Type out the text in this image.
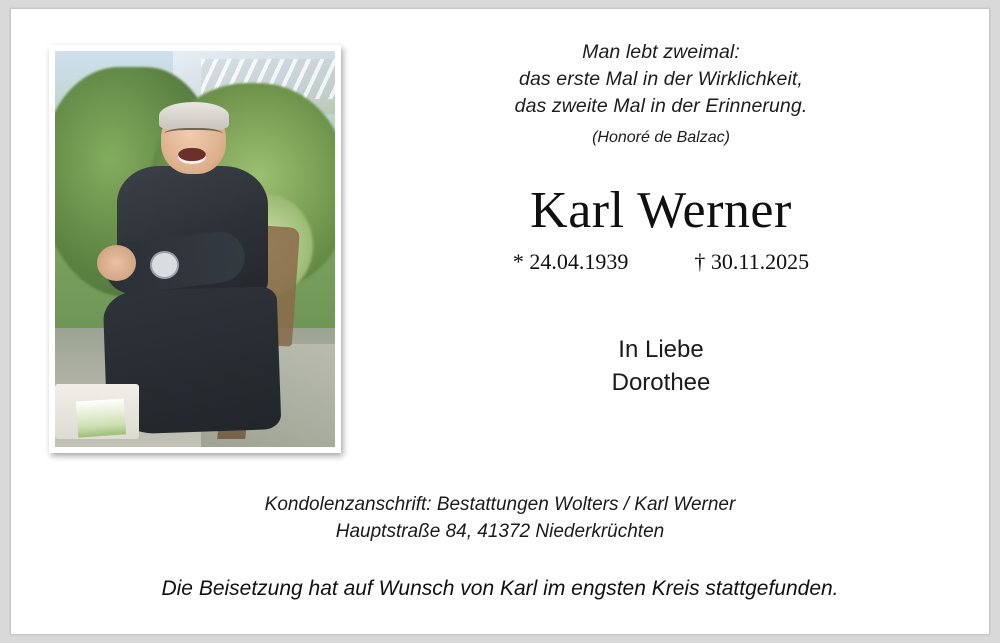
Man lebt zweimal:
das erste Mal in der Wirklichkeit,
das zweite Mal in der Erinnerung.
(Honoré de Balzac)
Karl Werner
* 24.04.1939	† 30.11.2025
In Liebe
Dorothee
Kondolenzanschrift: Bestattungen Wolters / Karl Werner
Hauptstraße 84, 41372 Niederkrüchten
Die Beisetzung hat auf Wunsch von Karl im engsten Kreis stattgefunden.
